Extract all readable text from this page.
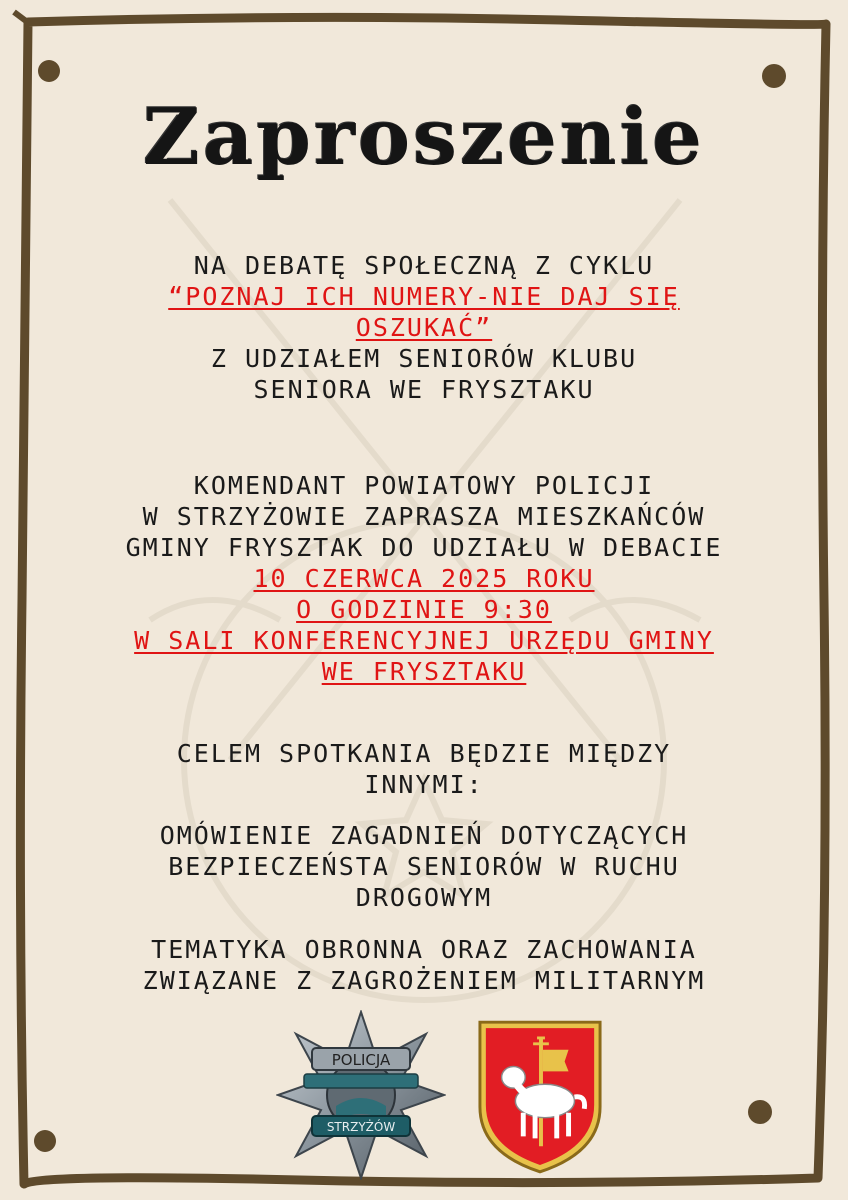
Zaproszenie
NA DEBATĘ SPOŁECZNĄ Z CYKLU
“POZNAJ ICH NUMERY-NIE DAJ SIĘ
OSZUKAĆ”
Z UDZIAŁEM SENIORÓW KLUBU
SENIORA WE FRYSZTAKU
KOMENDANT POWIATOWY POLICJI
W STRZYŻOWIE ZAPRASZA MIESZKAŃCÓW
GMINY FRYSZTAK DO UDZIAŁU W DEBACIE
10 CZERWCA 2025 ROKU
O GODZINIE 9:30
W SALI KONFERENCYJNEJ URZĘDU GMINY
WE FRYSZTAKU
CELEM SPOTKANIA BĘDZIE MIĘDZY
INNYMI:
OMÓWIENIE ZAGADNIEŃ DOTYCZĄCYCH
BEZPIECZEŃSTA SENIORÓW W RUCHU
DROGOWYM
TEMATYKA OBRONNA ORAZ ZACHOWANIA
ZWIĄZANE Z ZAGROŻENIEM MILITARNYM
POLICJA
STRZYŻÓW
